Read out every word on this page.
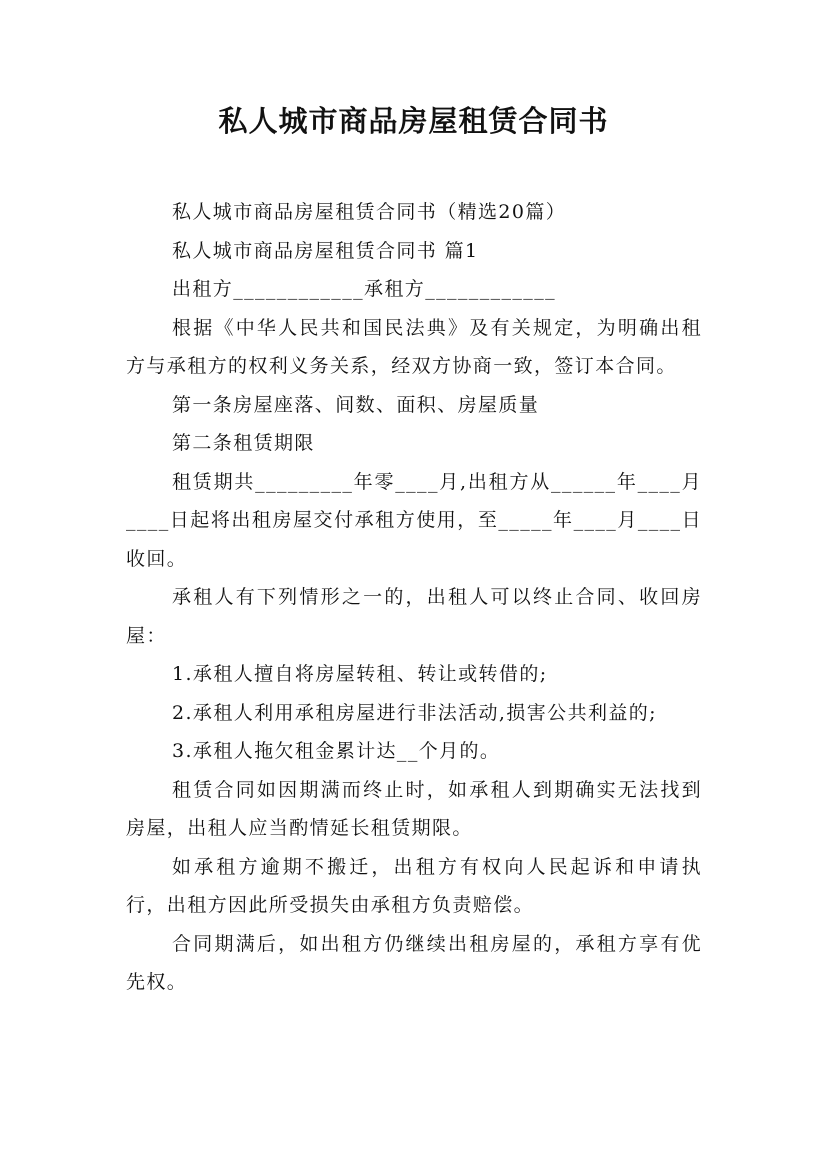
私人城市商品房屋租赁合同书

私人城市商品房屋租赁合同书（精选20篇）

私人城市商品房屋租赁合同书 篇1

出租方____________承租方____________

根据《中华人民共和国民法典》及有关规定，为明确出租方与承租方的权利义务关系，经双方协商一致，签订本合同。

第一条房屋座落、间数、面积、房屋质量

第二条租赁期限

租赁期共_________年零____月,出租方从______年____月____日起将出租房屋交付承租方使用，至_____年____月____日收回。

承租人有下列情形之一的，出租人可以终止合同、收回房屋：

1.承租人擅自将房屋转租、转让或转借的;

2.承租人利用承租房屋进行非法活动,损害公共利益的;

3.承租人拖欠租金累计达__个月的。

租赁合同如因期满而终止时，如承租人到期确实无法找到房屋，出租人应当酌情延长租赁期限。

如承租方逾期不搬迁，出租方有权向人民起诉和申请执行，出租方因此所受损失由承租方负责赔偿。

合同期满后，如出租方仍继续出租房屋的，承租方享有优先权。
